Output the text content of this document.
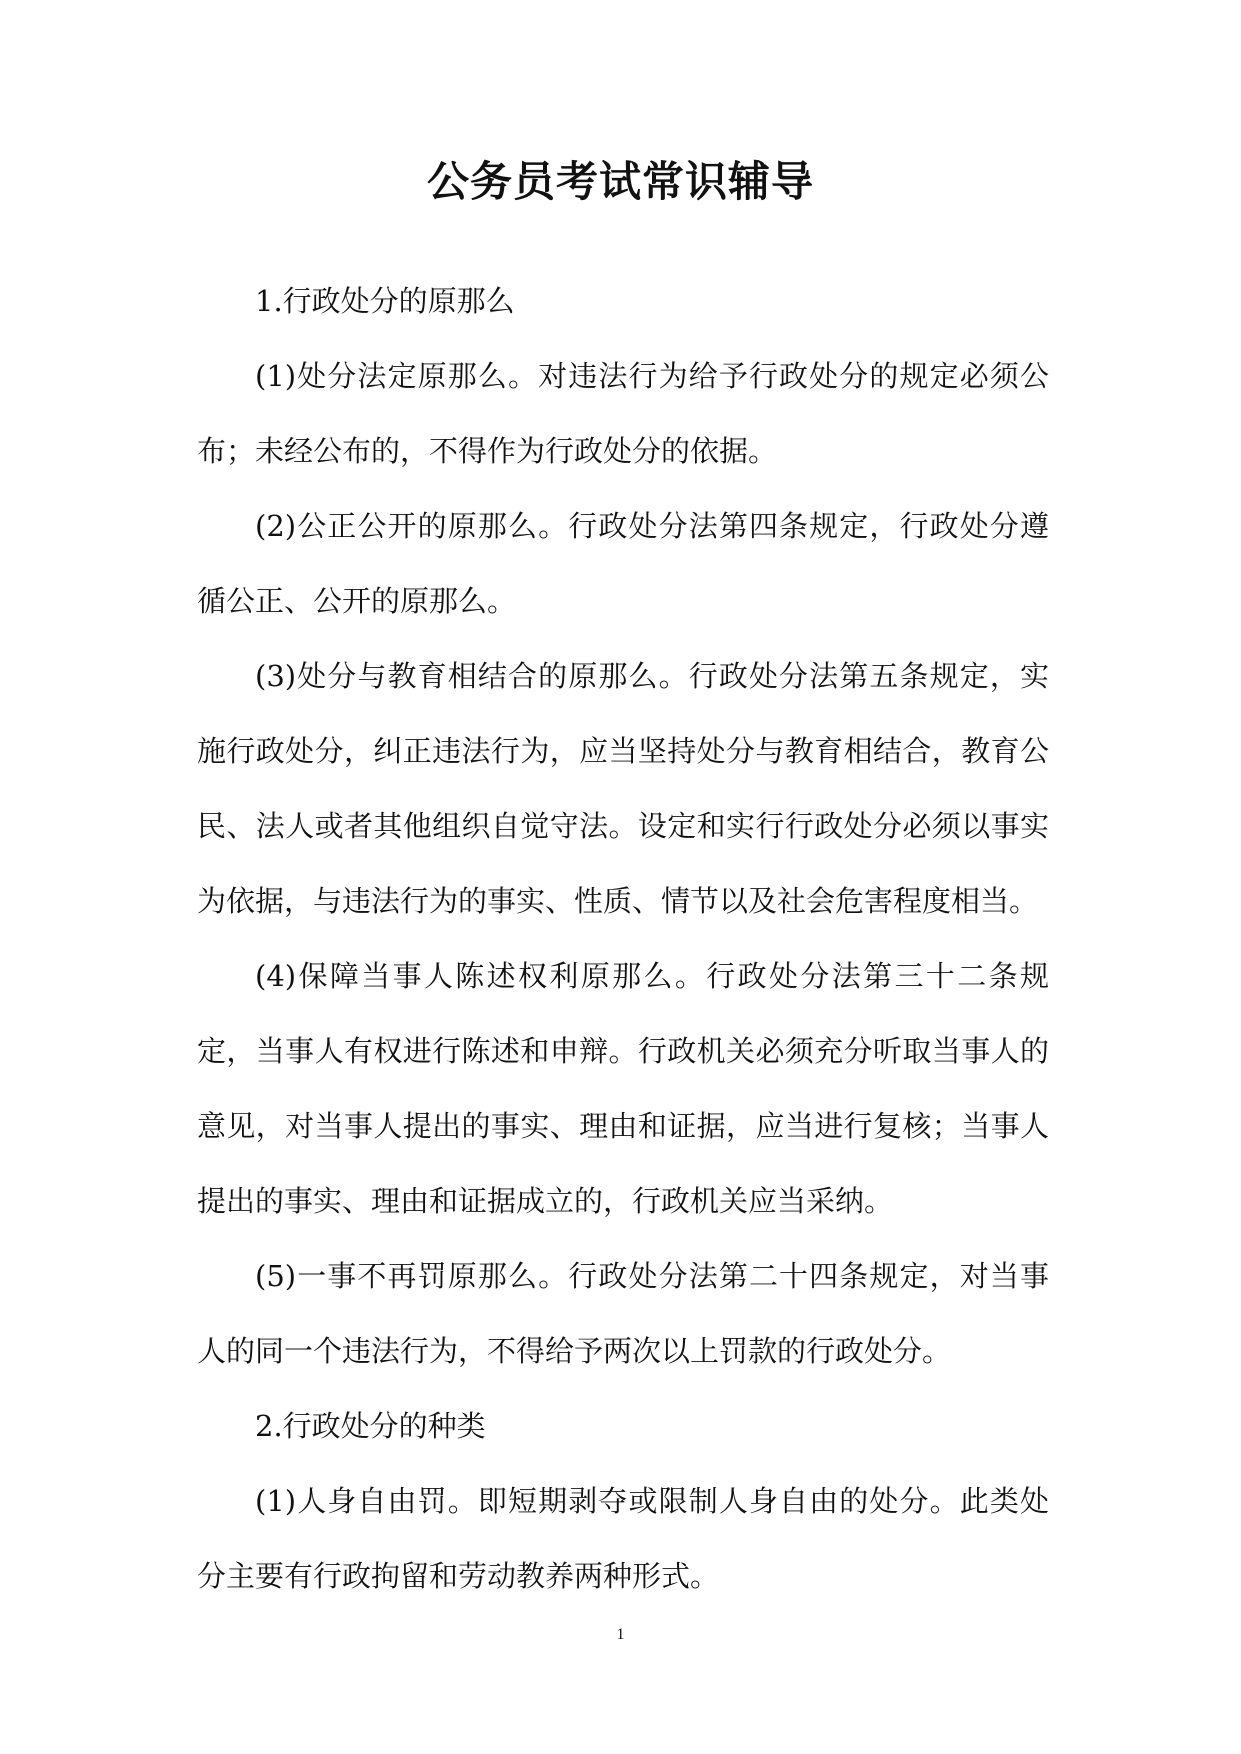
公务员考试常识辅导

1.行政处分的原那么

(1)处分法定原那么。对违法行为给予行政处分的规定必须公布；未经公布的，不得作为行政处分的依据。

(2)公正公开的原那么。行政处分法第四条规定，行政处分遵循公正、公开的原那么。

(3)处分与教育相结合的原那么。行政处分法第五条规定，实施行政处分，纠正违法行为，应当坚持处分与教育相结合，教育公民、法人或者其他组织自觉守法。设定和实行行政处分必须以事实为依据，与违法行为的事实、性质、情节以及社会危害程度相当。

(4)保障当事人陈述权利原那么。行政处分法第三十二条规定，当事人有权进行陈述和申辩。行政机关必须充分听取当事人的意见，对当事人提出的事实、理由和证据，应当进行复核；当事人提出的事实、理由和证据成立的，行政机关应当采纳。

(5)一事不再罚原那么。行政处分法第二十四条规定，对当事人的同一个违法行为，不得给予两次以上罚款的行政处分。

2.行政处分的种类

(1)人身自由罚。即短期剥夺或限制人身自由的处分。此类处分主要有行政拘留和劳动教养两种形式。

1
